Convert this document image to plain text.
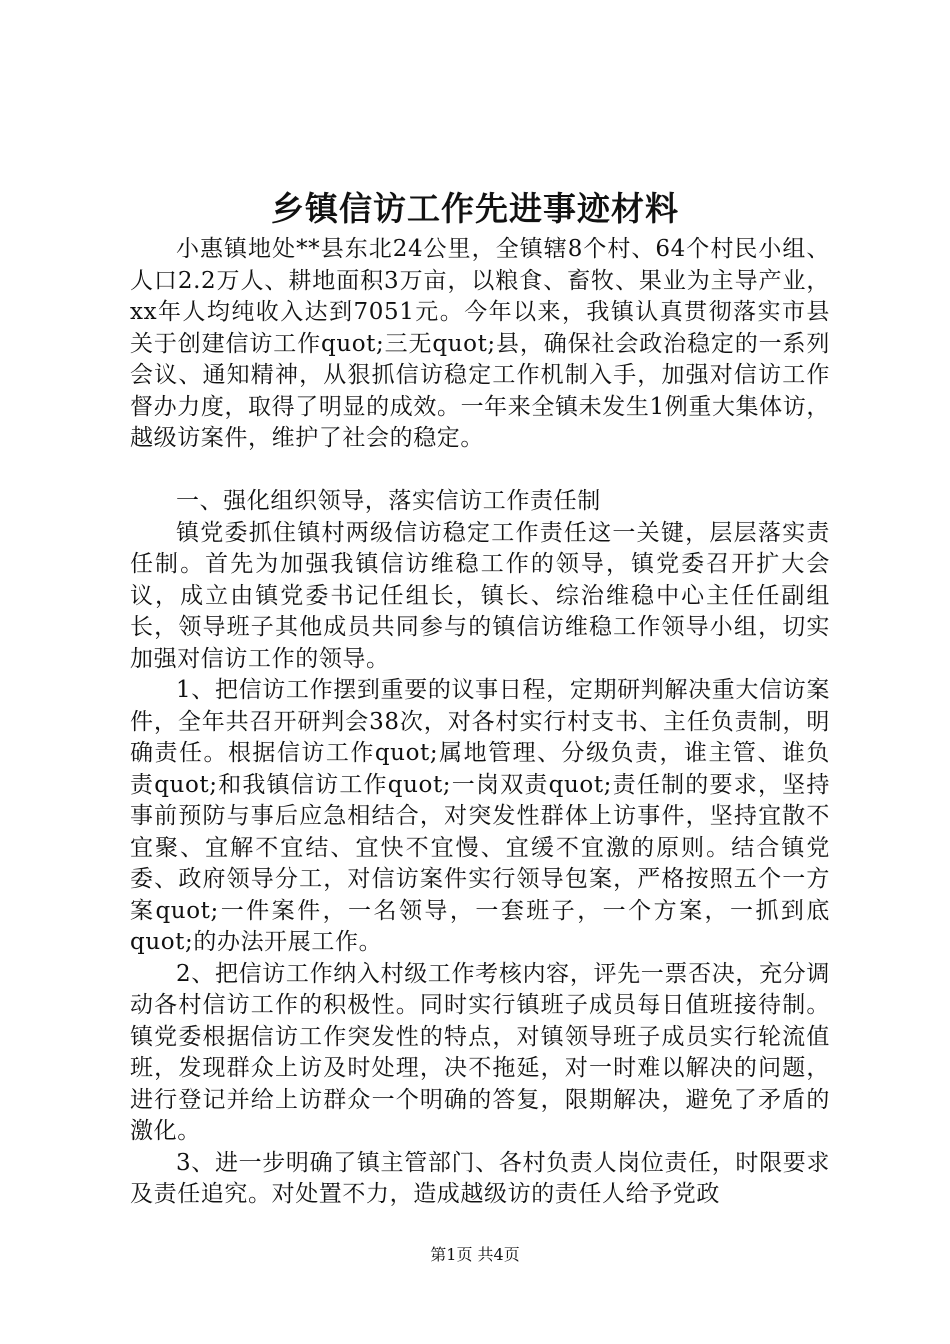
乡镇信访工作先进事迹材料

小惠镇地处**县东北24公里，全镇辖8个村、64个村民小组、人口2.2万人、耕地面积3万亩，以粮食、畜牧、果业为主导产业，xx年人均纯收入达到7051元。今年以来，我镇认真贯彻落实市县关于创建信访工作quot;三无quot;县，确保社会政治稳定的一系列会议、通知精神，从狠抓信访稳定工作机制入手，加强对信访工作督办力度，取得了明显的成效。一年来全镇未发生1例重大集体访，越级访案件，维护了社会的稳定。

一、强化组织领导，落实信访工作责任制

镇党委抓住镇村两级信访稳定工作责任这一关键，层层落实责任制。首先为加强我镇信访维稳工作的领导，镇党委召开扩大会议，成立由镇党委书记任组长，镇长、综治维稳中心主任任副组长，领导班子其他成员共同参与的镇信访维稳工作领导小组，切实加强对信访工作的领导。

1、把信访工作摆到重要的议事日程，定期研判解决重大信访案件，全年共召开研判会38次，对各村实行村支书、主任负责制，明确责任。根据信访工作quot;属地管理、分级负责，谁主管、谁负责quot;和我镇信访工作quot;一岗双责quot;责任制的要求，坚持事前预防与事后应急相结合，对突发性群体上访事件，坚持宜散不宜聚、宜解不宜结、宜快不宜慢、宜缓不宜激的原则。结合镇党委、政府领导分工，对信访案件实行领导包案，严格按照五个一方案quot;一件案件，一名领导，一套班子，一个方案，一抓到底quot;的办法开展工作。

2、把信访工作纳入村级工作考核内容，评先一票否决，充分调动各村信访工作的积极性。同时实行镇班子成员每日值班接待制。镇党委根据信访工作突发性的特点，对镇领导班子成员实行轮流值班，发现群众上访及时处理，决不拖延，对一时难以解决的问题，进行登记并给上访群众一个明确的答复，限期解决，避免了矛盾的激化。

3、进一步明确了镇主管部门、各村负责人岗位责任，时限要求及责任追究。对处置不力，造成越级访的责任人给予党政

第1页 共4页
